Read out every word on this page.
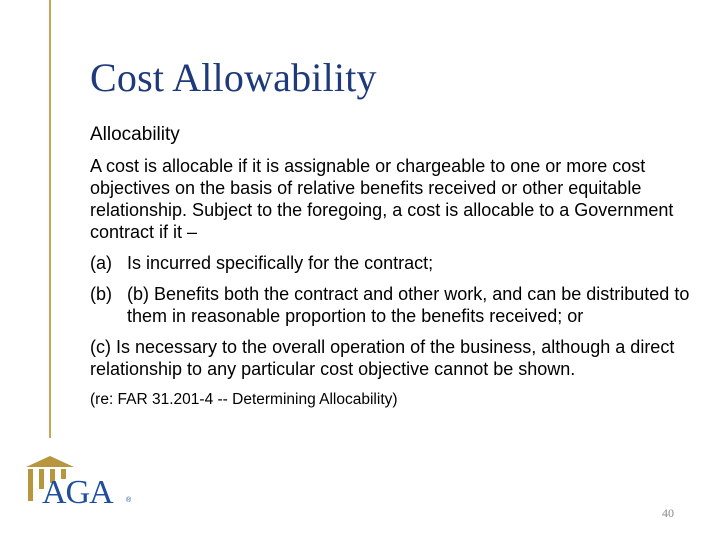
Cost Allowability
Allocability
A cost is allocable if it is assignable or chargeable to one or more cost objectives on the basis of relative benefits received or other equitable relationship. Subject to the foregoing, a cost is allocable to a Government contract if it –
(a) Is incurred specifically for the contract;
(b) (b) Benefits both the contract and other work, and can be distributed to them in reasonable proportion to the benefits received; or
(c) Is necessary to the overall operation of the business, although a direct relationship to any particular cost objective cannot be shown.
(re: FAR 31.201-4 -- Determining Allocability)
AGA ®
40
